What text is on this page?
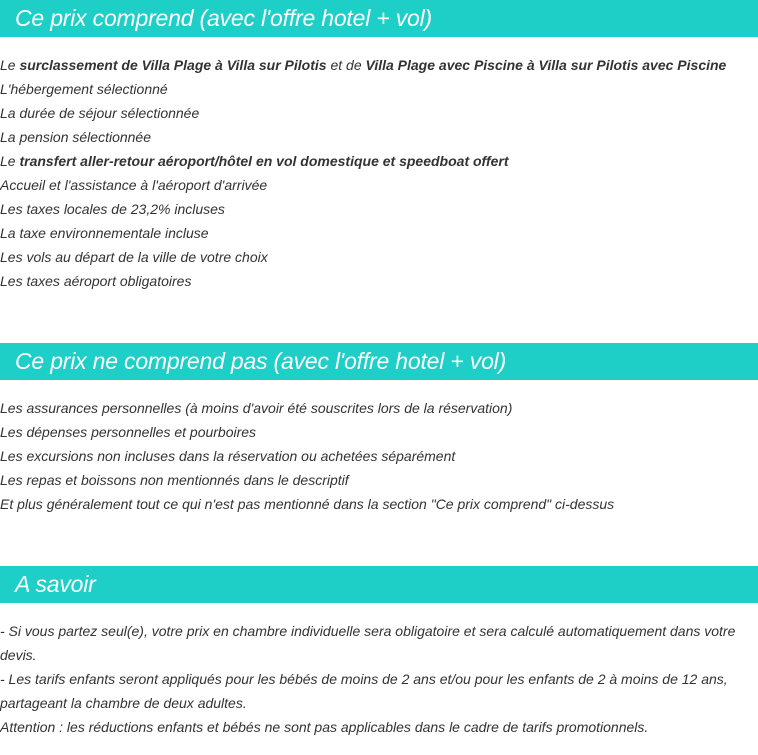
Ce prix comprend (avec l'offre hotel + vol)
Le surclassement de Villa Plage à Villa sur Pilotis et de Villa Plage avec Piscine à Villa sur Pilotis avec Piscine
L'hébergement sélectionné
La durée de séjour sélectionnée
La pension sélectionnée
Le transfert aller-retour aéroport/hôtel en vol domestique et speedboat offert
Accueil et l'assistance à l'aéroport d'arrivée
Les taxes locales de 23,2% incluses
La taxe environnementale incluse
Les vols au départ de la ville de votre choix
Les taxes aéroport obligatoires
Ce prix ne comprend pas (avec l'offre hotel + vol)
Les assurances personnelles (à moins d'avoir été souscrites lors de la réservation)
Les dépenses personnelles et pourboires
Les excursions non incluses dans la réservation ou achetées séparément
Les repas et boissons non mentionnés dans le descriptif
Et plus généralement tout ce qui n'est pas mentionné dans la section "Ce prix comprend" ci-dessus
A savoir

- Si vous partez seul(e), votre prix en chambre individuelle sera obligatoire et sera calculé automatiquement dans votre devis.

- Les tarifs enfants seront appliqués pour les bébés de moins de 2 ans et/ou pour les enfants de 2 à moins de 12 ans, partageant la chambre de deux adultes.

Attention : les réductions enfants et bébés ne sont pas applicables dans le cadre de tarifs promotionnels.
